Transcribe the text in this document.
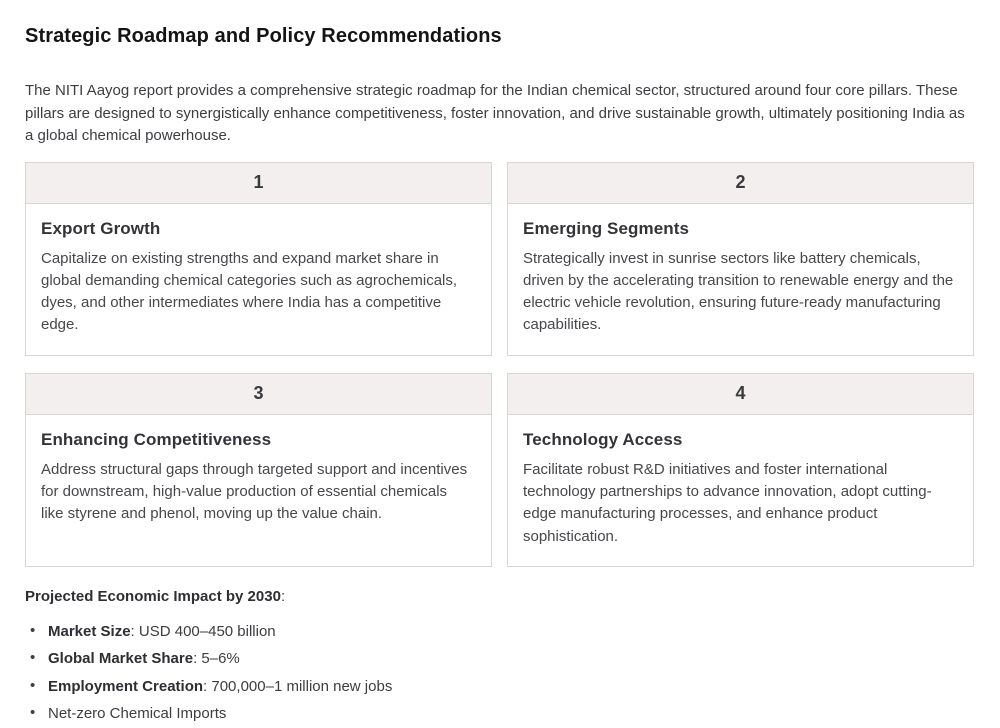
Strategic Roadmap and Policy Recommendations

The NITI Aayog report provides a comprehensive strategic roadmap for the Indian chemical sector, structured around four core pillars. These pillars are designed to synergistically enhance competitiveness, foster innovation, and drive sustainable growth, ultimately positioning India as a global chemical powerhouse.

1
Export Growth

Capitalize on existing strengths and expand market share in global demanding chemical categories such as agrochemicals, dyes, and other intermediates where India has a competitive edge.

2
Emerging Segments

Strategically invest in sunrise sectors like battery chemicals, driven by the accelerating transition to renewable energy and the electric vehicle revolution, ensuring future-ready manufacturing capabilities.

3
Enhancing Competitiveness

Address structural gaps through targeted support and incentives for downstream, high-value production of essential chemicals like styrene and phenol, moving up the value chain.

4
Technology Access

Facilitate robust R&D initiatives and foster international technology partnerships to advance innovation, adopt cutting-edge manufacturing processes, and enhance product sophistication.

Projected Economic Impact by 2030:

• Market Size: USD 400–450 billion
• Global Market Share: 5–6%
• Employment Creation: 700,000–1 million new jobs
• Net-zero Chemical Imports
